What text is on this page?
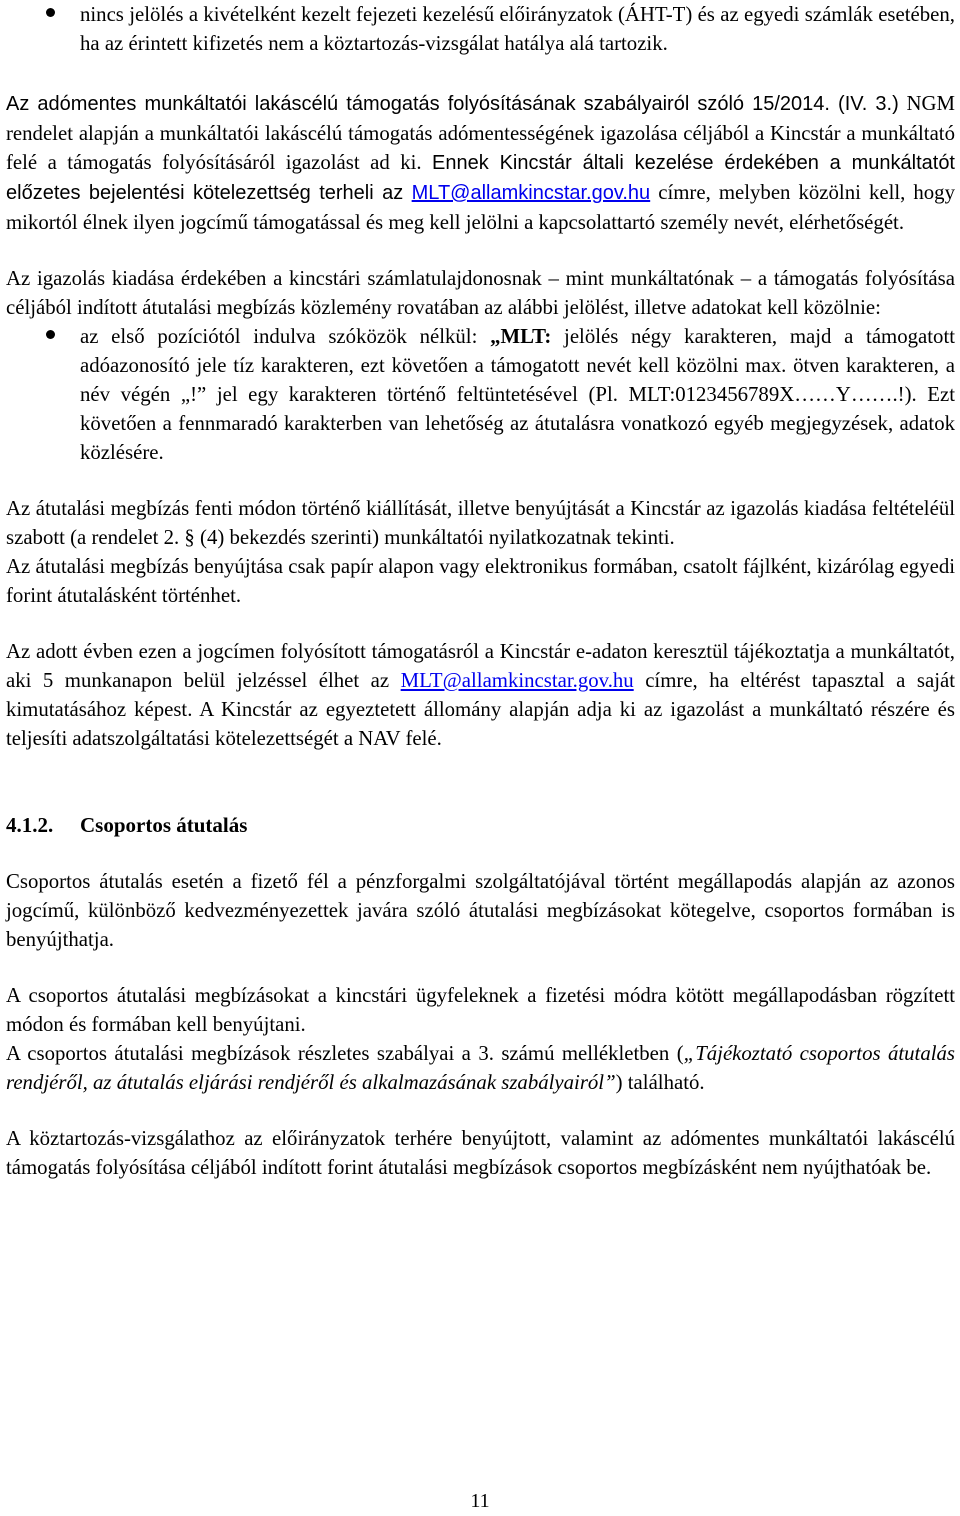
nincs jelölés a kivételként kezelt fejezeti kezelésű előirányzatok (ÁHT-T) és az egyedi számlák esetében, ha az érintett kifizetés nem a köztartozás-vizsgálat hatálya alá tartozik.

Az adómentes munkáltatói lakáscélú támogatás folyósításának szabályairól szóló 15/2014. (IV. 3.) NGM rendelet alapján a munkáltatói lakáscélú támogatás adómentességének igazolása céljából a Kincstár a munkáltató felé a támogatás folyósításáról igazolást ad ki. Ennek Kincstár általi kezelése érdekében a munkáltatót előzetes bejelentési kötelezettség terheli az MLT@allamkincstar.gov.hu címre, melyben közölni kell, hogy mikortól élnek ilyen jogcímű támogatással és meg kell jelölni a kapcsolattartó személy nevét, elérhetőségét.

Az igazolás kiadása érdekében a kincstári számlatulajdonosnak – mint munkáltatónak – a támogatás folyósítása céljából indított átutalási megbízás közlemény rovatában az alábbi jelölést, illetve adatokat kell közölnie:

az első pozíciótól indulva szóközök nélkül: „MLT: jelölés négy karakteren, majd a támogatott adóazonosító jele tíz karakteren, ezt követően a támogatott nevét kell közölni max. ötven karakteren, a név végén „!” jel egy karakteren történő feltüntetésével (Pl. MLT:0123456789X……Y…….!). Ezt követően a fennmaradó karakterben van lehetőség az átutalásra vonatkozó egyéb megjegyzések, adatok közlésére.

Az átutalási megbízás fenti módon történő kiállítását, illetve benyújtását a Kincstár az igazolás kiadása feltételéül szabott (a rendelet 2. § (4) bekezdés szerinti) munkáltatói nyilatkozatnak tekinti.

Az átutalási megbízás benyújtása csak papír alapon vagy elektronikus formában, csatolt fájlként, kizárólag egyedi forint átutalásként történhet.

Az adott évben ezen a jogcímen folyósított támogatásról a Kincstár e-adaton keresztül tájékoztatja a munkáltatót, aki 5 munkanapon belül jelzéssel élhet az MLT@allamkincstar.gov.hu címre, ha eltérést tapasztal a saját kimutatásához képest. A Kincstár az egyeztetett állomány alapján adja ki az igazolást a munkáltató részére és teljesíti adatszolgáltatási kötelezettségét a NAV felé.

4.1.2. Csoportos átutalás

Csoportos átutalás esetén a fizető fél a pénzforgalmi szolgáltatójával történt megállapodás alapján az azonos jogcímű, különböző kedvezményezettek javára szóló átutalási megbízásokat kötegelve, csoportos formában is benyújthatja.

A csoportos átutalási megbízásokat a kincstári ügyfeleknek a fizetési módra kötött megállapodásban rögzített módon és formában kell benyújtani.

A csoportos átutalási megbízások részletes szabályai a 3. számú mellékletben („Tájékoztató csoportos átutalás rendjéről, az átutalás eljárási rendjéről és alkalmazásának szabályairól”) található.

A köztartozás-vizsgálathoz az előirányzatok terhére benyújtott, valamint az adómentes munkáltatói lakáscélú támogatás folyósítása céljából indított forint átutalási megbízások csoportos megbízásként nem nyújthatóak be.

11
